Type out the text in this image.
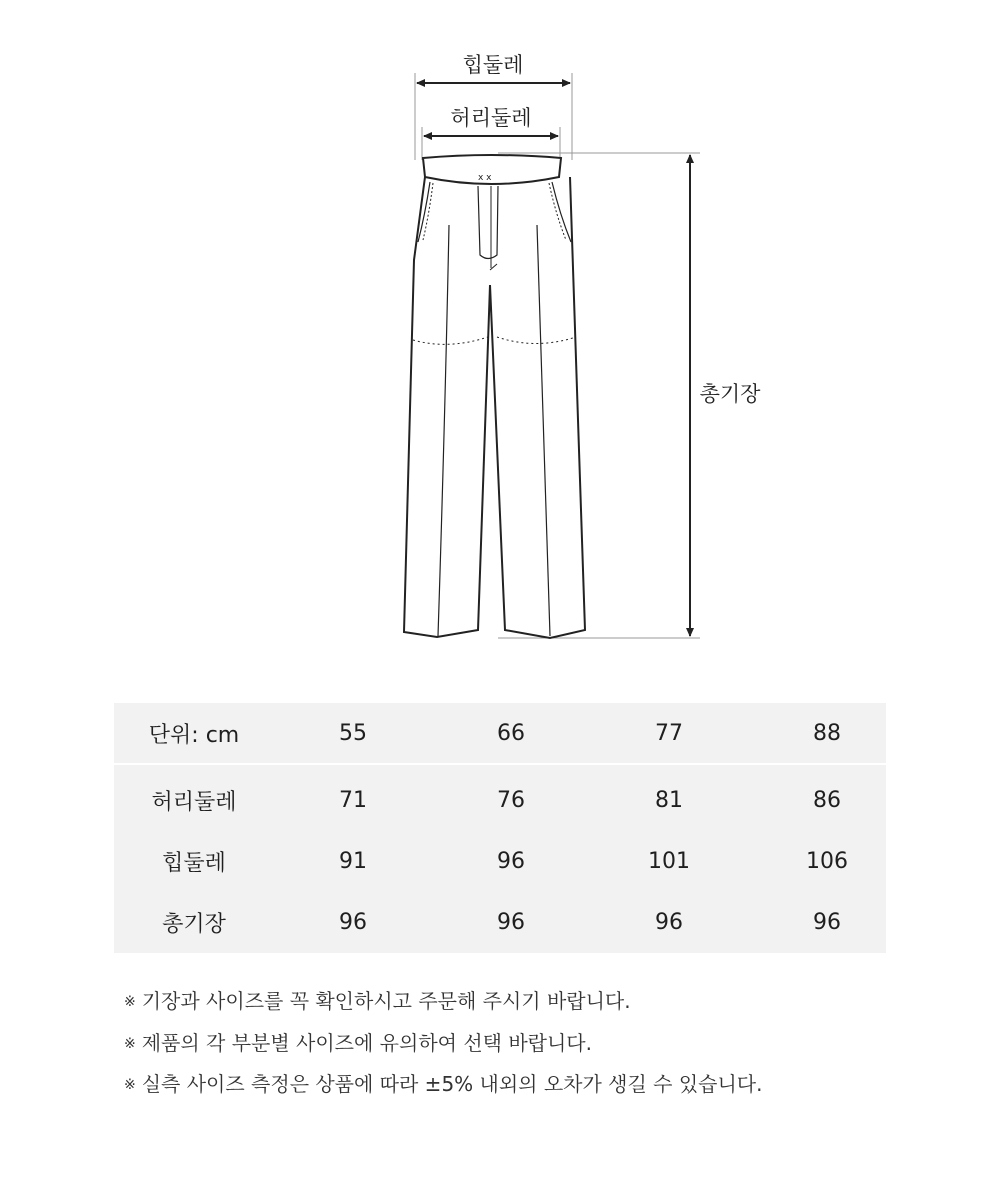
x x
힙둘레
허리둘레
총기장
단위: cm	55	66	77	88
허리둘레	71	76	81	86
힙둘레	91	96	101	106
총기장	96	96	96	96
※ 기장과 사이즈를 꼭 확인하시고 주문해 주시기 바랍니다.
※ 제품의 각 부분별 사이즈에 유의하여 선택 바랍니다.
※ 실측 사이즈 측정은 상품에 따라 ±5% 내외의 오차가 생길 수 있습니다.
